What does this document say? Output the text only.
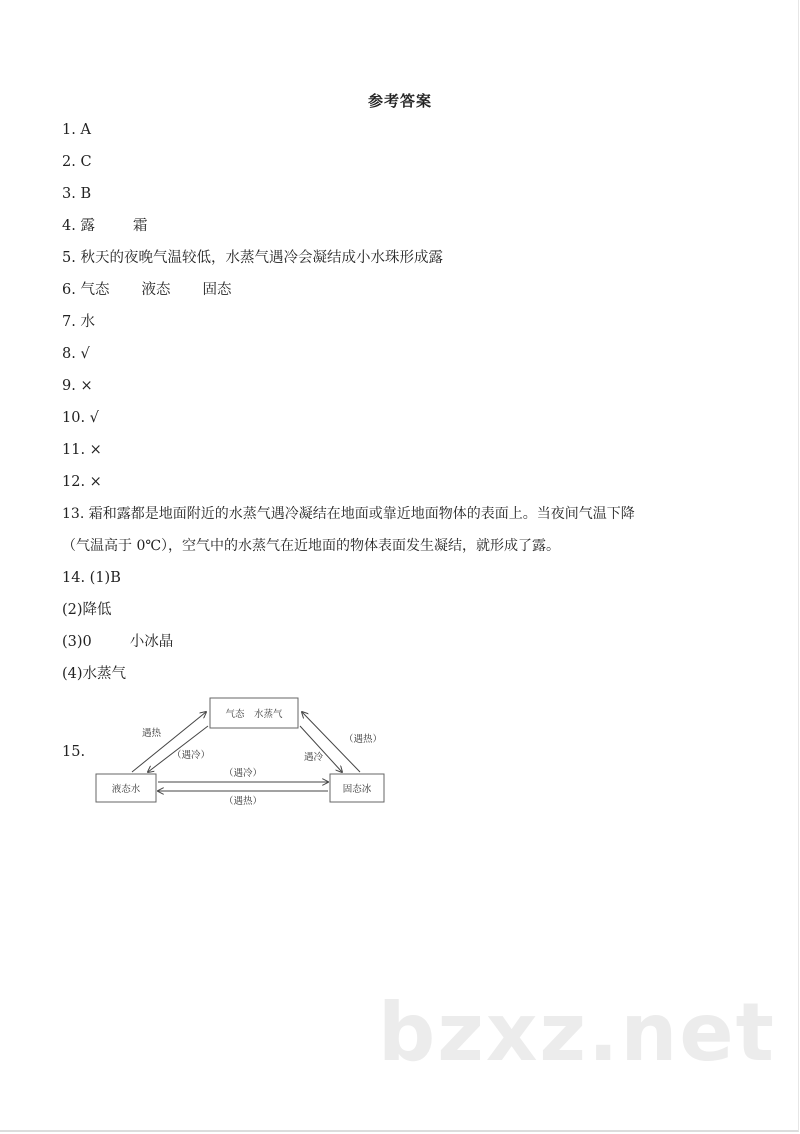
参考答案
1. A
2. C
3. B
4. 露	霜
5. 秋天的夜晚气温较低，水蒸气遇冷会凝结成小水珠形成露
6. 气态 液态 固态
7. 水
8. √
9. ×
10. √
11. ×
12. ×
13. 霜和露都是地面附近的水蒸气遇冷凝结在地面或靠近地面物体的表面上。当夜间气温下降
（气温高于 0℃），空气中的水蒸气在近地面的物体表面发生凝结，就形成了露。
14. (1)B
(2)降低
(3)0	小冰晶
(4)水蒸气
15.
气态　水蒸气
液态水	固态冰
遇热
（遇冷）
（遇热）
遇冷
（遇冷）
（遇热）
bzxz.net
